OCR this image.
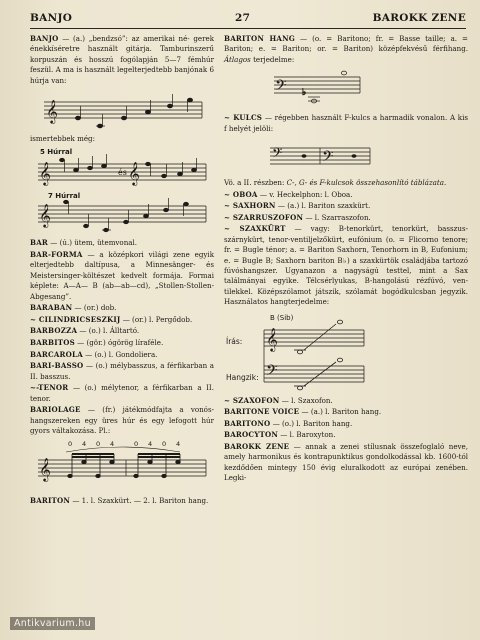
BANJO	27	BAROKK ZENE
BANJO — (a.) „bendzsó”: az amerikai né- gerek énekkíséretre használt gitárja. Tamburinszerű korpuszán és hosszú fogólapján 5—7 fémhúr feszül. A ma is használt legelterjedtebb banjónak 6 húrja van:
𝄞
ismertebbek még:
5 Húrral
𝄞	és 𝄞
7 Húrral
𝄞
BAR — (ú.) ütem, ütemvonal.
BAR-FORMA — a középkori világi zene egyik elterjedtebb daltípusa, a Minnesänger- és Meistersinger-költészet kedvelt formája. Formai képlete: A—A— B (ab—ab—cd), „Stollen-Stollen-Abgesang”.
BARABAN — (or.) dob.
~ CILINDRICSESZKIJ — (or.) l. Pergődob.
BARBOZZA — (o.) l. Álltartó.
BARBITOS — (gör.) ógörög líraféle.
BARCAROLA — (o.) l. Gondoliera.
BARI-BASSO — (o.) mélybasszus, a férfikarban a II. basszus.
~-TENOR — (o.) mélytenor, a férfikarban a II. tenor.
BARIOLAGE — (fr.) játékmódfajta a vonóshangszereken egy üres húr és egy lefogott húr gyors váltakozása. Pl.:
0 4 0 4	0 4 0 4
𝄞
BARITON — 1. l. Szaxkürt. — 2. l. Bariton hang.
BARITON HANG — (o. = Baritono; fr. = Basse taille; a. = Bariton; e. = Bariton; or. = Bariton) középfekvésű férfihang. Átlagos terjedelme:
𝄢 ♭
~ KULCS — régebben használt F-kulcs a harmadik vonalon. A kis f helyét jelöli:
𝄢 𝄢
Vö. a II. részben: C-, G- és F-kulcsok összehasonlító táblázata.
~ OBOA — v. Heckelphon: l. Oboa.
~ SAXHORN — (a.) l. Bariton szaxkürt.
~ SZARRUSZOFON — l. Szarraszofon.
~ SZAXKÜRT — vagy: B-tenorkürt, tenorkürt, basszus-szárnykürt, tenor-ventiljelzőkürt, eufónium (o. = Flicorno tenore; fr. = Bugle ténor; a. = Bariton Saxhorn, Tenorhorn in B, Eufonium; e. = Bugle B; Saxhorn bariton B♭) a szaxkürtök családjába tartozó fúvóshangszer. Ugyanazon a nagyságú testtel, mint a Sax találmányai egyike. Télcsérlyukas, B-hangolású rézfúvó, ventilekkel. Középszólamot játszik, szólamát bogódkulcsban jegyzik. Használatos hangterjedelme:
B (Sib)
Írás:
Hangzik:
𝄞
𝄢
~ SZAXOFON — l. Szaxofon.
BARITONE VOICE — (a.) l. Bariton hang.
BARITONO — (o.) l. Bariton hang.
BAROCYTON — l. Baroxyton.
BAROKK ZENE — annak a zenei stílusnak összefoglaló neve, amely harmonikus és kontrapunktikus gondolkodással kb. 1600-tól kezdődően mintegy 150 évig eluralkodott az európai zenében. Legki-
Antikvarium.hu
